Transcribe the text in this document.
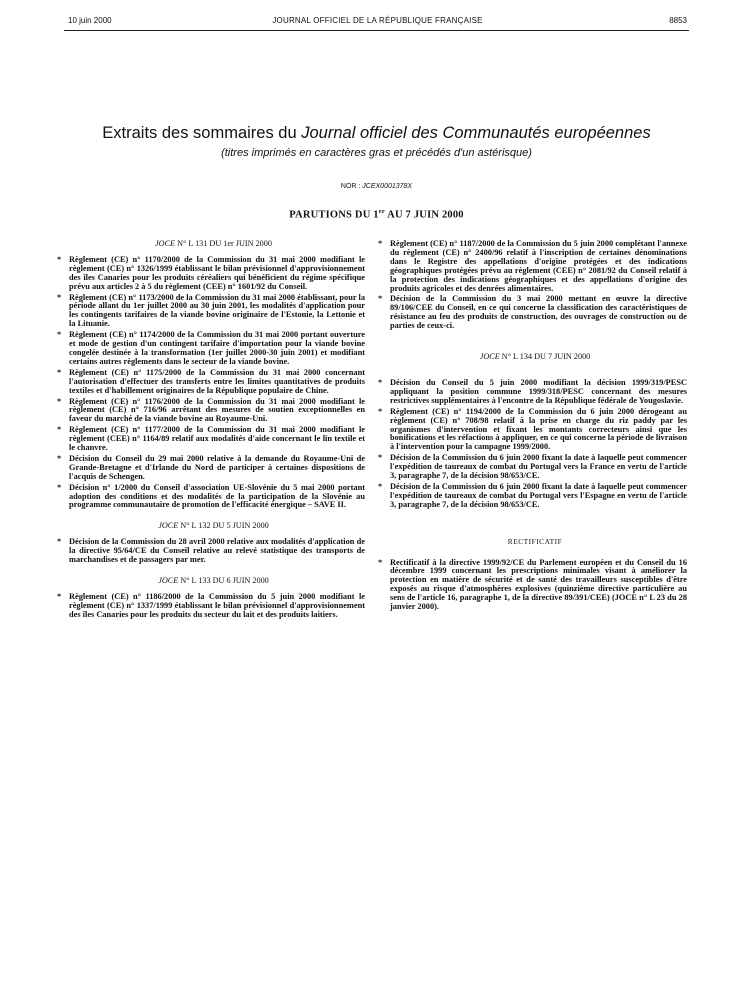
10 juin 2000	JOURNAL OFFICIEL DE LA RÉPUBLIQUE FRANÇAISE	8853
Extraits des sommaires du Journal officiel des Communautés européennes
(titres imprimés en caractères gras et précédés d'un astérisque)
NOR : JCEX0001378X
PARUTIONS DU 1er AU 7 JUIN 2000
JOCE N° L 131 DU 1er JUIN 2000
* Règlement (CE) n° 1170/2000 de la Commission du 31 mai 2000 modifiant le règlement (CE) n° 1326/1999 établissant le bilan prévisionnel d'approvisionnement des îles Canaries pour les produits céréaliers qui bénéficient du régime spécifique prévu aux articles 2 à 5 du règlement (CEE) n° 1601/92 du Conseil.
* Règlement (CE) n° 1173/2000 de la Commission du 31 mai 2000 établissant, pour la période allant du 1er juillet 2000 au 30 juin 2001, les modalités d'application pour les contingents tarifaires de la viande bovine originaire de l'Estonie, la Lettonie et la Lituanie.
* Règlement (CE) n° 1174/2000 de la Commission du 31 mai 2000 portant ouverture et mode de gestion d'un contingent tarifaire d'importation pour la viande bovine congelée destinée à la transformation (1er juillet 2000-30 juin 2001) et modifiant certains autres règlements dans le secteur de la viande bovine.
* Règlement (CE) n° 1175/2000 de la Commission du 31 mai 2000 concernant l'autorisation d'effectuer des transferts entre les limites quantitatives de produits textiles et d'habillement originaires de la République populaire de Chine.
* Règlement (CE) n° 1176/2000 de la Commission du 31 mai 2000 modifiant le règlement (CE) n° 716/96 arrêtant des mesures de soutien exceptionnelles en faveur du marché de la viande bovine au Royaume-Uni.
* Règlement (CE) n° 1177/2000 de la Commission du 31 mai 2000 modifiant le règlement (CEE) n° 1164/89 relatif aux modalités d'aide concernant le lin textile et le chanvre.
* Décision du Conseil du 29 mai 2000 relative à la demande du Royaume-Uni de Grande-Bretagne et d'Irlande du Nord de participer à certaines dispositions de l'acquis de Schengen.
* Décision n° 1/2000 du Conseil d'association UE-Slovénie du 5 mai 2000 portant adoption des conditions et des modalités de la participation de la Slovénie au programme communautaire de promotion de l'efficacité énergique – SAVE II.
JOCE N° L 132 DU 5 JUIN 2000
* Décision de la Commission du 28 avril 2000 relative aux modalités d'application de la directive 95/64/CE du Conseil relative au relevé statistique des transports de marchandises et de passagers par mer.
JOCE N° L 133 DU 6 JUIN 2000
* Règlement (CE) n° 1186/2000 de la Commission du 5 juin 2000 modifiant le règlement (CE) n° 1337/1999 établissant le bilan prévisionnel d'approvisionnement des îles Canaries pour les produits du secteur du lait et des produits laitiers.
* Règlement (CE) n° 1187/2000 de la Commission du 5 juin 2000 complétant l'annexe du règlement (CE) n° 2400/96 relatif à l'inscription de certaines dénominations dans le Registre des appellations d'origine protégées et des indications géographiques protégées prévu au règlement (CEE) n° 2081/92 du Conseil relatif à la protection des indications géographiques et des appellations d'origine des produits agricoles et des denrées alimentaires.
* Décision de la Commission du 3 mai 2000 mettant en œuvre la directive 89/106/CEE du Conseil, en ce qui concerne la classification des caractéristiques de résistance au feu des produits de construction, des ouvrages de construction ou de parties de ceux-ci.
JOCE N° L 134 DU 7 JUIN 2000
* Décision du Conseil du 5 juin 2000 modifiant la décision 1999/319/PESC appliquant la position commune 1999/318/PESC concernant des mesures restrictives supplémentaires à l'encontre de la République fédérale de Yougoslavie.
* Règlement (CE) n° 1194/2000 de la Commission du 6 juin 2000 dérogeant au règlement (CE) n° 708/98 relatif à la prise en charge du riz paddy par les organismes d'intervention et fixant les montants correcteurs ainsi que les bonifications et les réfactions à appliquer, en ce qui concerne la période de livraison à l'intervention pour la campagne 1999/2000.
* Décision de la Commission du 6 juin 2000 fixant la date à laquelle peut commencer l'expédition de taureaux de combat du Portugal vers la France en vertu de l'article 3, paragraphe 7, de la décision 98/653/CE.
* Décision de la Commission du 6 juin 2000 fixant la date à laquelle peut commencer l'expédition de taureaux de combat du Portugal vers l'Espagne en vertu de l'article 3, paragraphe 7, de la décision 98/653/CE.
RECTIFICATIF
* Rectificatif à la directive 1999/92/CE du Parlement européen et du Conseil du 16 décembre 1999 concernant les prescriptions minimales visant à améliorer la protection en matière de sécurité et de santé des travailleurs susceptibles d'être exposés au risque d'atmosphères explosives (quinzième directive particulière au sens de l'article 16, paragraphe 1, de la directive 89/391/CEE) (JOCE n° L 23 du 28 janvier 2000).
